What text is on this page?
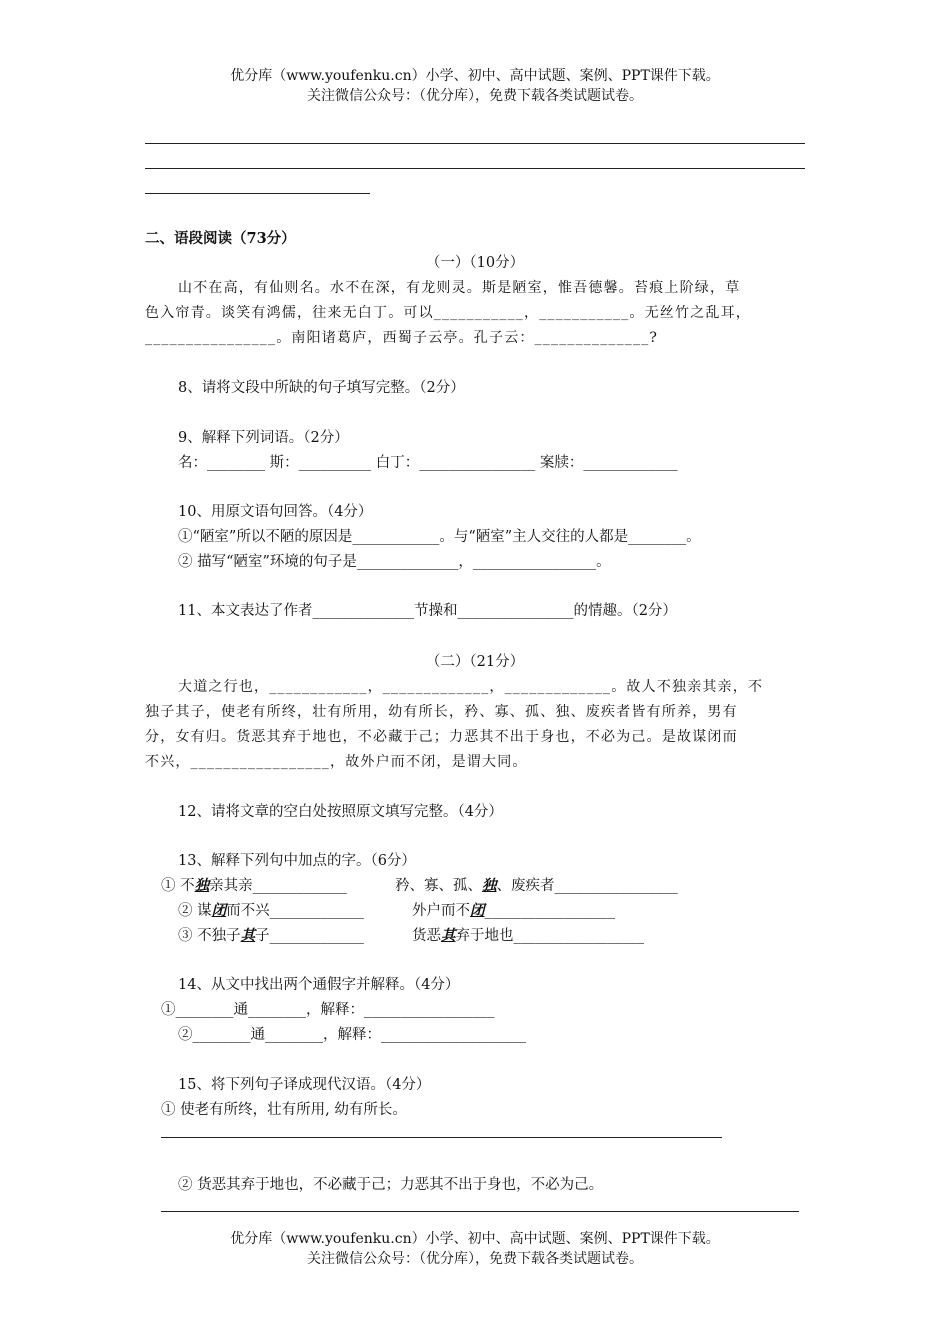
优分库（www.youfenku.cn）小学、初中、高中试题、案例、PPT课件下载。
关注微信公众号：（优分库），免费下载各类试题试卷。
二、语段阅读（73分）
（一）（10分）
山不在高，有仙则名。水不在深，有龙则灵。斯是陋室，惟吾德馨。苔痕上阶绿，草
色入帘青。谈笑有鸿儒，往来无白丁。可以___________，___________。无丝竹之乱耳，
________________。南阳诸葛庐，西蜀子云亭。孔子云：______________?
8、请将文段中所缺的句子填写完整。（2分）
9、解释下列词语。（2分）
名：________ 斯：__________ 白丁：________________ 案牍：_____________
10、用原文语句回答。（4分）
①“陋室”所以不陋的原因是____________。与“陋室”主人交往的人都是________。
② 描写“陋室”环境的句子是______________，_________________。
11、本文表达了作者______________节操和________________的情趣。（2分）
（二）（21分）
大道之行也，____________，_____________，_____________。故人不独亲其亲，不
独子其子，使老有所终，壮有所用，幼有所长，矜、寡、孤、独、废疾者皆有所养，男有
分，女有归。货恶其弃于地也，不必藏于己；力恶其不出于身也，不必为己。是故谋闭而
不兴，_________________，故外户而不闭，是谓大同。
12、请将文章的空白处按照原文填写完整。（4分）
13、解释下列句中加点的字。（6分）
① 不独亲其亲_____________	矜、寡、孤、独、废疾者_________________
② 谋闭而不兴_____________	外户而不闭__________________
③ 不独子其子_____________	货恶其弃于地也__________________
14、从文中找出两个通假字并解释。（4分）
①________通________，解释：__________________
②________通________，解释：____________________
15、将下列句子译成现代汉语。（4分）
① 使老有所终，壮有所用, 幼有所长。
② 货恶其弃于地也，不必藏于己；力恶其不出于身也，不必为己。
优分库（www.youfenku.cn）小学、初中、高中试题、案例、PPT课件下载。
关注微信公众号：（优分库），免费下载各类试题试卷。
